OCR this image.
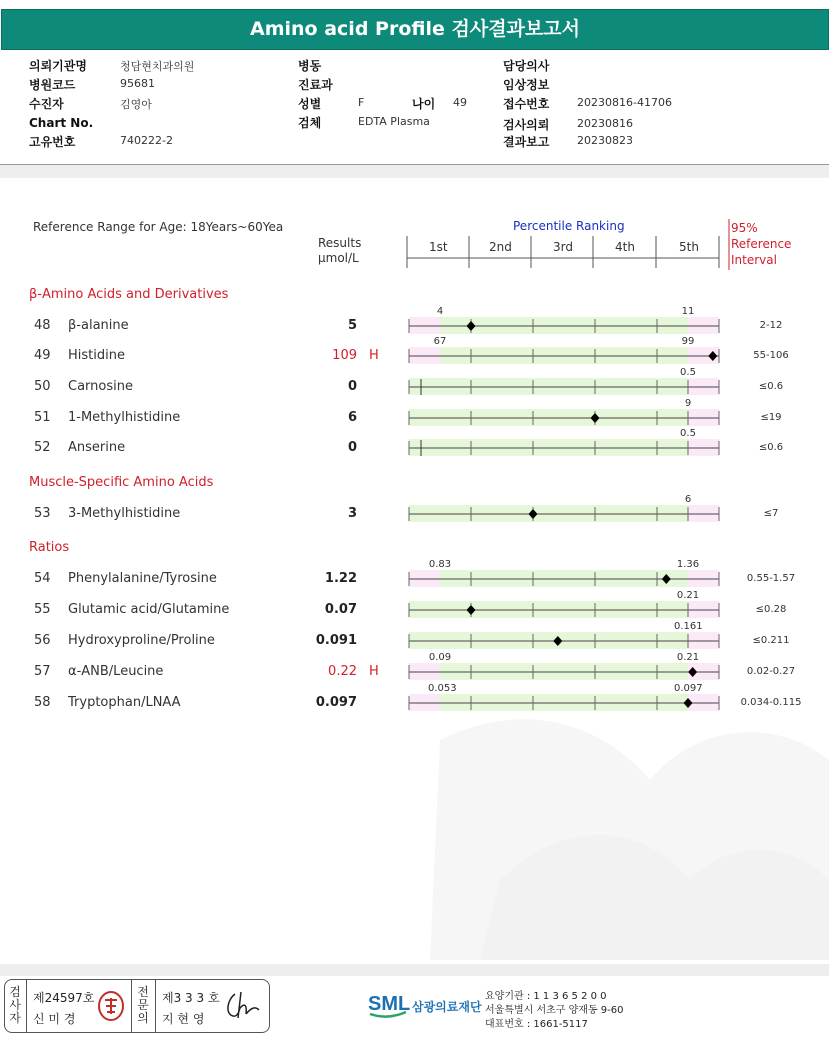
Amino acid Profile 검사결과보고서
의뢰기관명	청담현치과의원
병원코드	95681
수진자	김영아
Chart No.
고유번호	740222-2
병동
진료과
성별	F	나이 49
검체	EDTA Plasma
담당의사
임상정보
접수번호	20230816-41706
검사의뢰	20230816
결과보고	20230823
Reference Range for Age: 18Years~60Yea
Results
µmol/L
Percentile Ranking	95%
Reference
Interval
1st	2nd	3rd	4th	5th
β-Amino Acids and Derivatives
Muscle-Specific Amino Acids
Ratios
48	β-alanine	5	2-12
4	11
49	Histidine	109 H	55-106
67	99
50	Carnosine	0	≤0.6
0.5
51	1-Methylhistidine	6	≤19
9
52	Anserine	0	≤0.6
0.5
53	3-Methylhistidine	3	≤7
6
54	Phenylalanine/Tyrosine	1.22	0.55-1.57
0.83	1.36
55	Glutamic acid/Glutamine	0.07	≤0.28
0.21
56	Hydroxyproline/Proline	0.091	≤0.211
0.161
57	α-ANB/Leucine	0.22 H	0.02-0.27
0.09	0.21
58	Tryptophan/LNAA	0.097	0.034-0.115
0.053	0.097
검사자
제24597호
신 미 경
전문의
제3 3 3 호
지 현 영
SML 삼광의료재단
요양기관 : 1 1 3 6 5 2 0 0
서울특별시 서초구 양재동 9-60
대표번호 : 1661-5117
